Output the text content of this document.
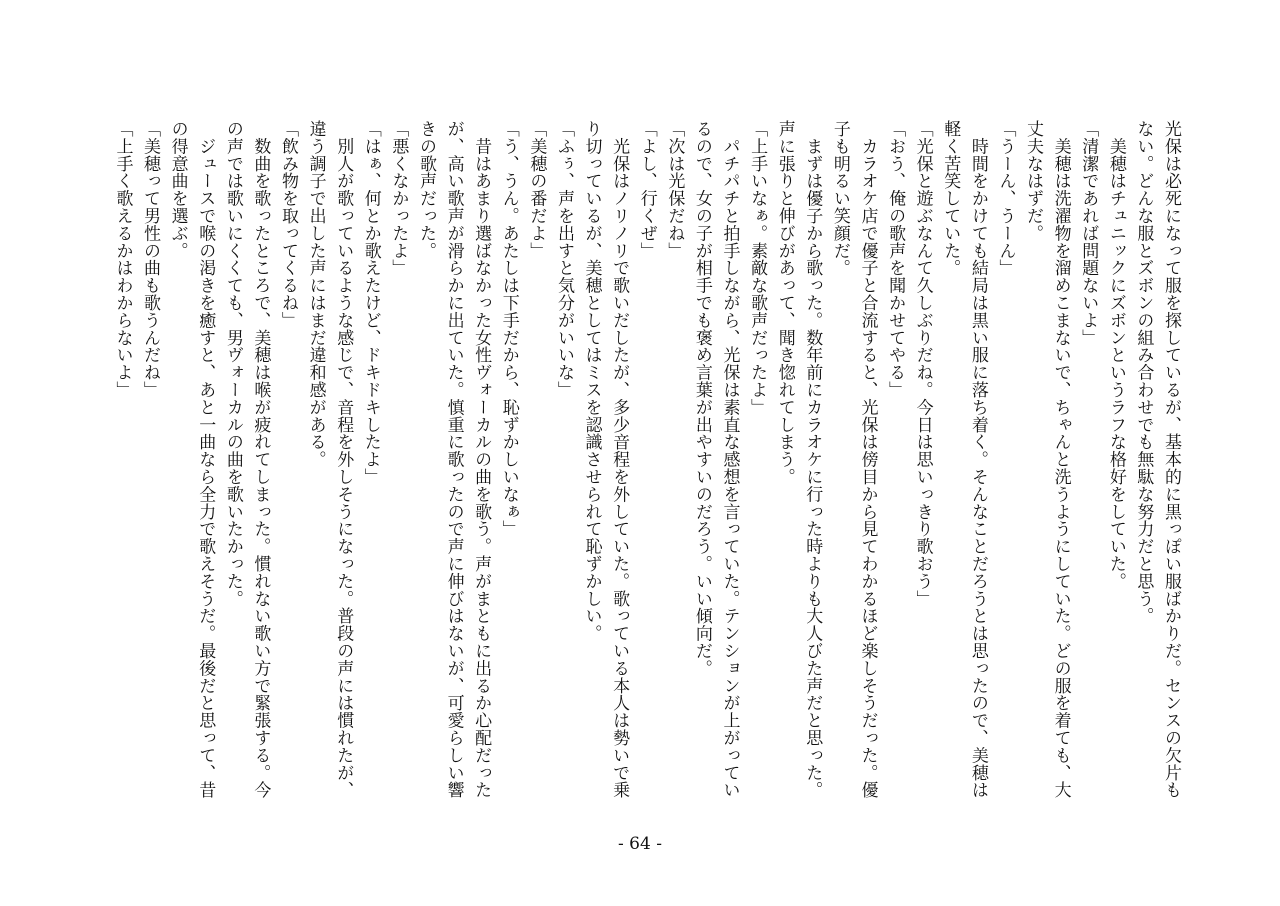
光保は必死になって服を探しているが、基本的に黒っぽい服ばかりだ。センスの欠片もない。どんな服とズボンの組み合わせでも無駄な努力だと思う。

　美穂はチュニックにズボンというラフな格好をしていた。

「清潔であれば問題ないよ」

　美穂は洗濯物を溜めこまないで、ちゃんと洗うようにしていた。どの服を着ても、大丈夫なはずだ。

「うーん、うーん」

　時間をかけても結局は黒い服に落ち着く。そんなことだろうとは思ったので、美穂は軽く苦笑していた。

「光保と遊ぶなんて久しぶりだね。今日は思いっきり歌おう」

「おう、俺の歌声を聞かせてやる」

　カラオケ店で優子と合流すると、光保は傍目から見てわかるほど楽しそうだった。優子も明るい笑顔だ。

　まずは優子から歌った。数年前にカラオケに行った時よりも大人びた声だと思った。声に張りと伸びがあって、聞き惚れてしまう。

「上手いなぁ。素敵な歌声だったよ」

　パチパチと拍手しながら、光保は素直な感想を言っていた。テンションが上がっているので、女の子が相手でも褒め言葉が出やすいのだろう。いい傾向だ。

「次は光保だね」

「よし、行くぜ」

　光保はノリノリで歌いだしたが、多少音程を外していた。歌っている本人は勢いで乗り切っているが、美穂としてはミスを認識させられて恥ずかしい。

「ふぅ、声を出すと気分がいいな」

「美穂の番だよ」

「う、うん。あたしは下手だから、恥ずかしいなぁ」

　昔はあまり選ばなかった女性ヴォーカルの曲を歌う。声がまともに出るか心配だったが、高い歌声が滑らかに出ていた。慎重に歌ったので声に伸びはないが、可愛らしい響きの歌声だった。

「悪くなかったよ」

「はぁ、何とか歌えたけど、ドキドキしたよ」

　別人が歌っているような感じで、音程を外しそうになった。普段の声には慣れたが、違う調子で出した声にはまだ違和感がある。

「飲み物を取ってくるね」

　数曲を歌ったところで、美穂は喉が疲れてしまった。慣れない歌い方で緊張する。今の声では歌いにくくても、男ヴォーカルの曲を歌いたかった。

　ジュースで喉の渇きを癒すと、あと一曲なら全力で歌えそうだ。最後だと思って、昔の得意曲を選ぶ。

「美穂って男性の曲も歌うんだね」

「上手く歌えるかはわからないよ」

- 64 -
